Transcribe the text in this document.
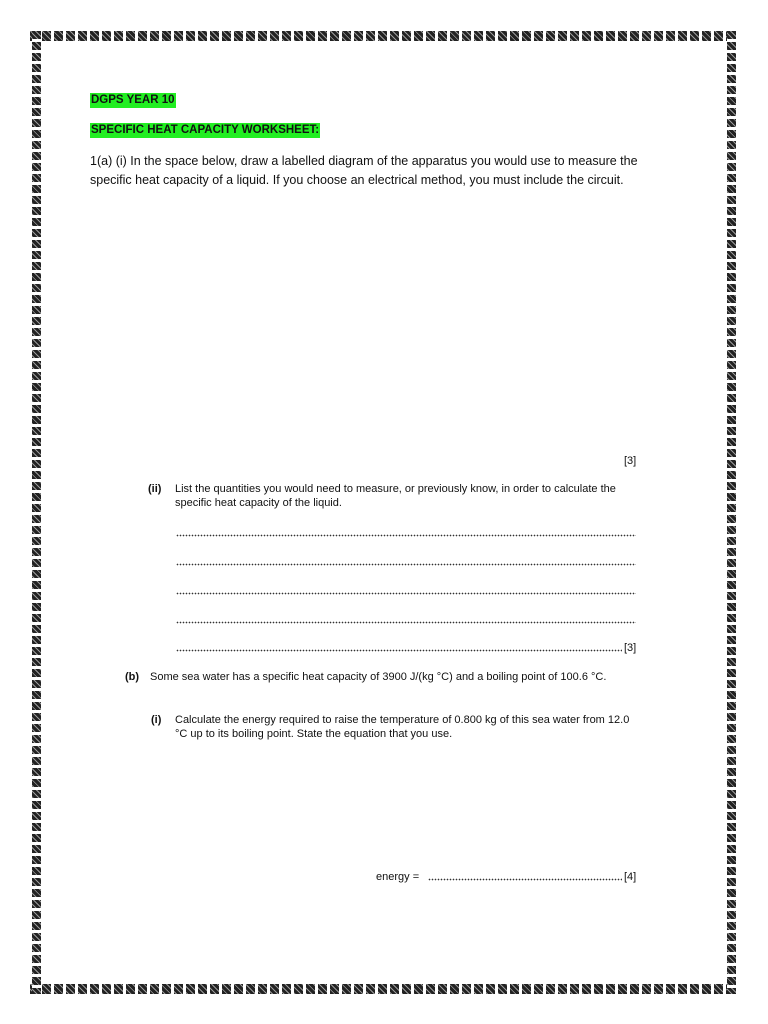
DGPS YEAR 10
SPECIFIC HEAT CAPACITY WORKSHEET:
1(a) (i) In the space below, draw a labelled diagram of the apparatus you would use to measure the specific heat capacity of a liquid. If you choose an electrical method, you must include the circuit.
[3]
(ii) List the quantities you would need to measure, or previously know, in order to calculate the specific heat capacity of the liquid.
[3]
(b) Some sea water has a specific heat capacity of 3900 J/(kg °C) and a boiling point of 100.6 °C.
(i) Calculate the energy required to raise the temperature of 0.800 kg of this sea water from 12.0 °C up to its boiling point. State the equation that you use.
energy =	[4]
